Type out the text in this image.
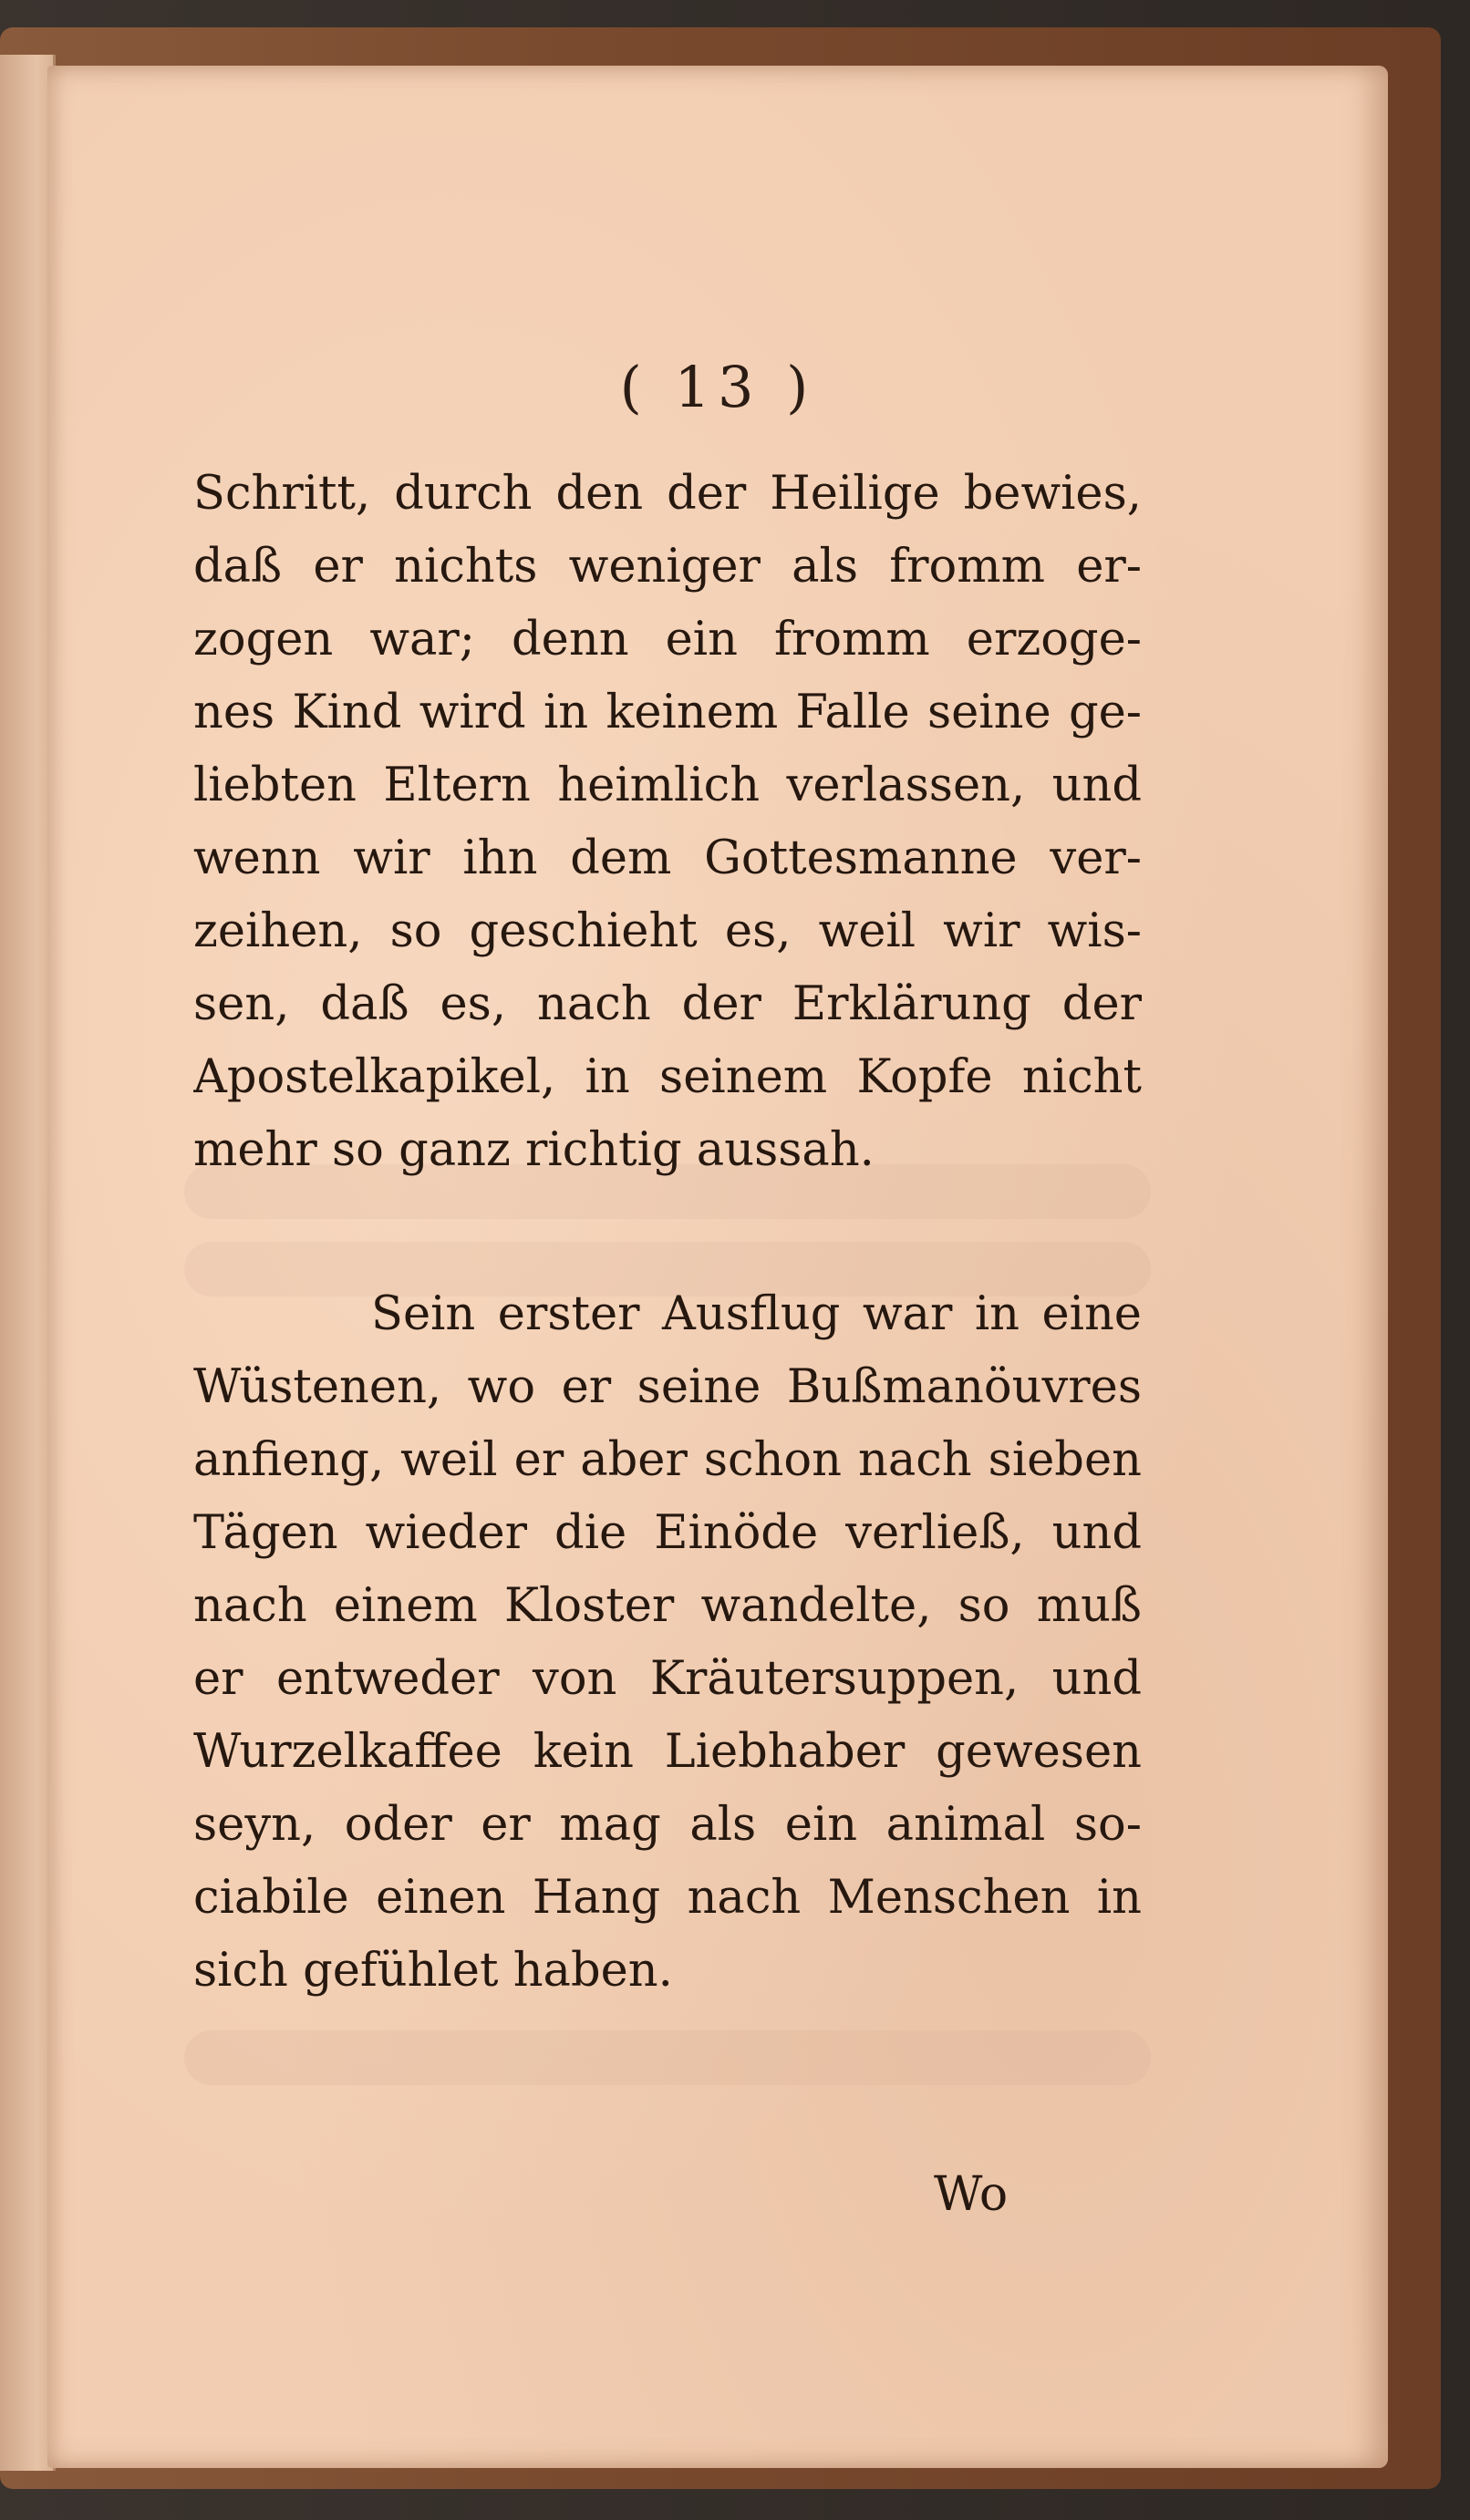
( 13 )
Schritt, durch den der Heilige bewies,
daß er nichts weniger als fromm er-
zogen war; denn ein fromm erzoge-
nes Kind wird in keinem Falle seine ge-
liebten Eltern heimlich verlassen, und
wenn wir ihn dem Gottesmanne ver-
zeihen, so geschieht es, weil wir wis-
sen, daß es, nach der Erklärung der
Apostelkapikel, in seinem Kopfe nicht
mehr so ganz richtig aussah.
Sein erster Ausflug war in eine
Wüstenen, wo er seine Bußmanöuvres
anfieng, weil er aber schon nach sieben
Tägen wieder die Einöde verließ, und
nach einem Kloster wandelte, so muß
er entweder von Kräutersuppen, und
Wurzelkaffee kein Liebhaber gewesen
seyn, oder er mag als ein animal so-
ciabile einen Hang nach Menschen in
sich gefühlet haben.
Wo
